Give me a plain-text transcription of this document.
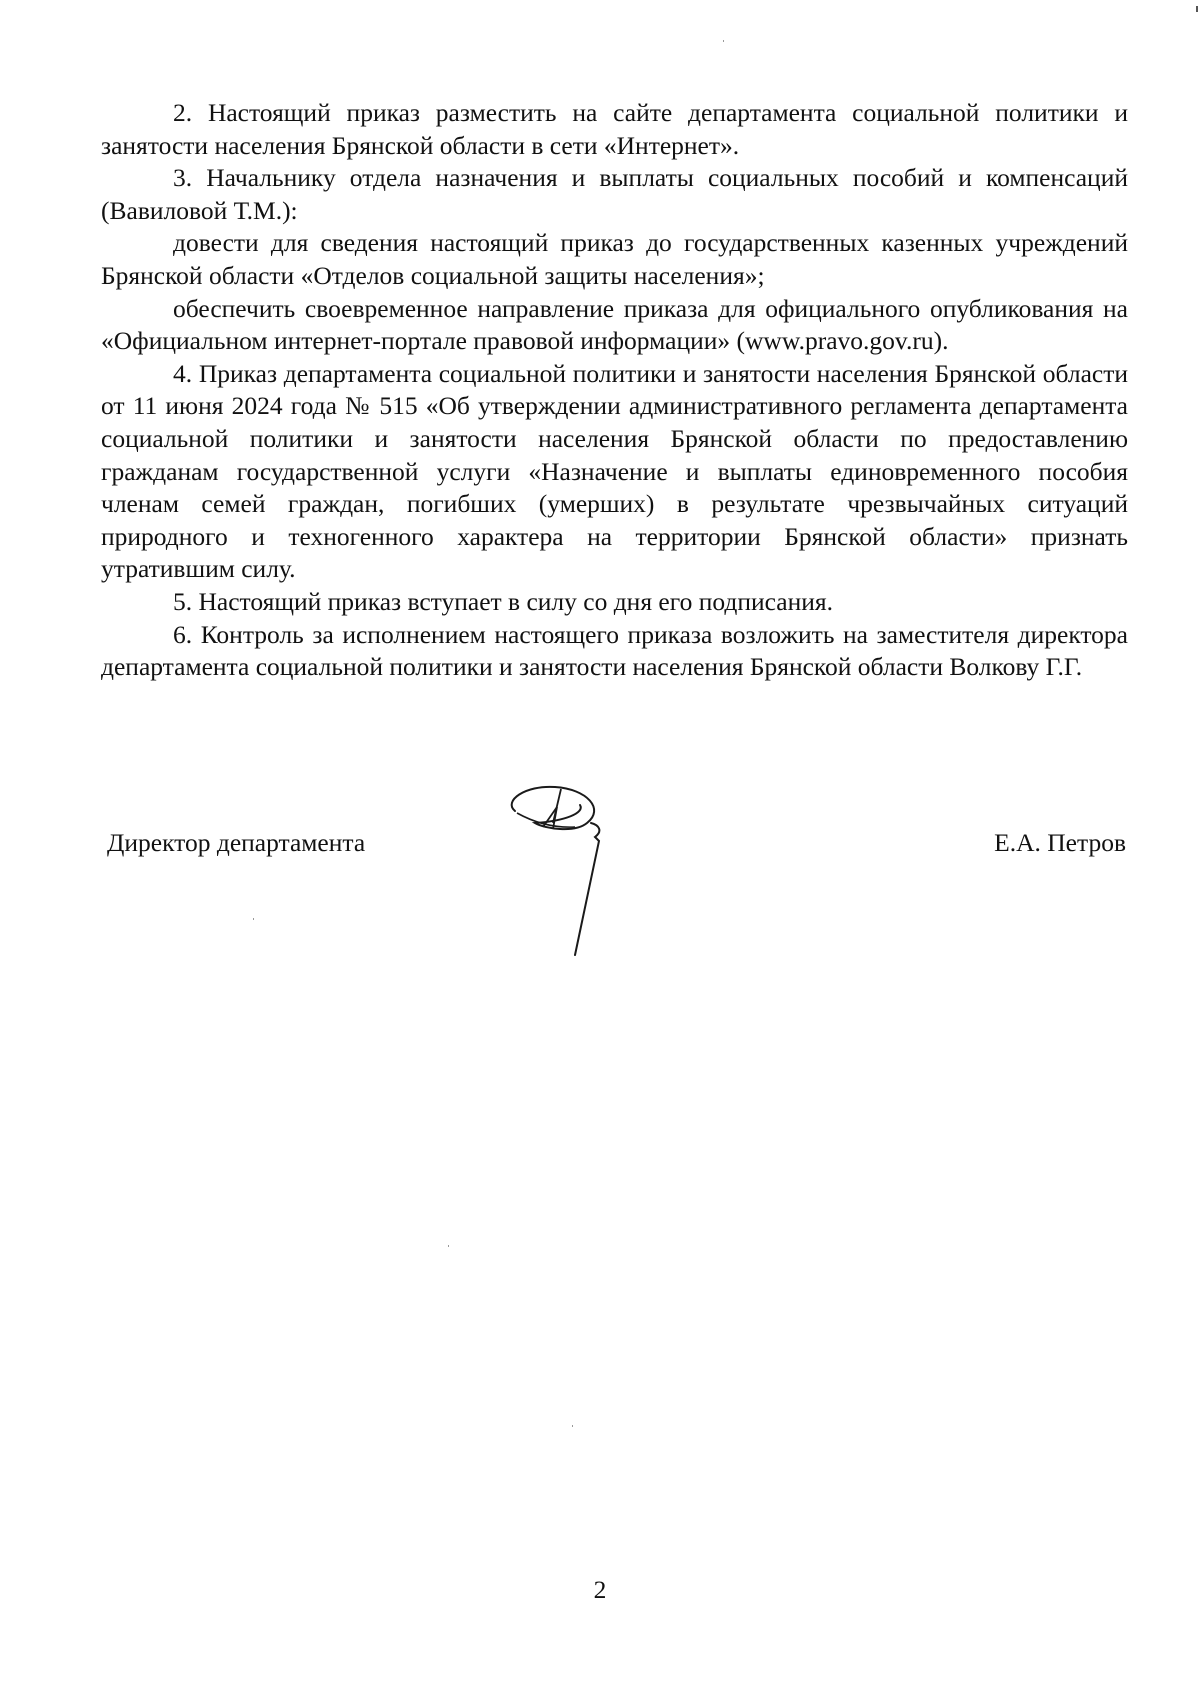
2. Настоящий приказ разместить на сайте департамента социальной политики и занятости населения Брянской области в сети «Интернет».

3. Начальнику отдела назначения и выплаты социальных пособий и компенсаций (Вавиловой Т.М.):

довести для сведения настоящий приказ до государственных казенных учреждений Брянской области «Отделов социальной защиты населения»;

обеспечить своевременное направление приказа для официального опубликования на «Официальном интернет-портале правовой информации» (www.pravo.gov.ru).

4. Приказ департамента социальной политики и занятости населения Брянской области от 11 июня 2024 года № 515 «Об утверждении административного регламента департамента социальной политики и занятости населения Брянской области по предоставлению гражданам государственной услуги «Назначение и выплаты единовременного пособия членам семей граждан, погибших (умерших) в результате чрезвычайных ситуаций природного и техногенного характера на территории Брянской области» признать утратившим силу.

5. Настоящий приказ вступает в силу со дня его подписания.

6. Контроль за исполнением настоящего приказа возложить на заместителя директора департамента социальной политики и занятости населения Брянской области Волкову Г.Г.

Директор департамента	Е.А. Петров
2
